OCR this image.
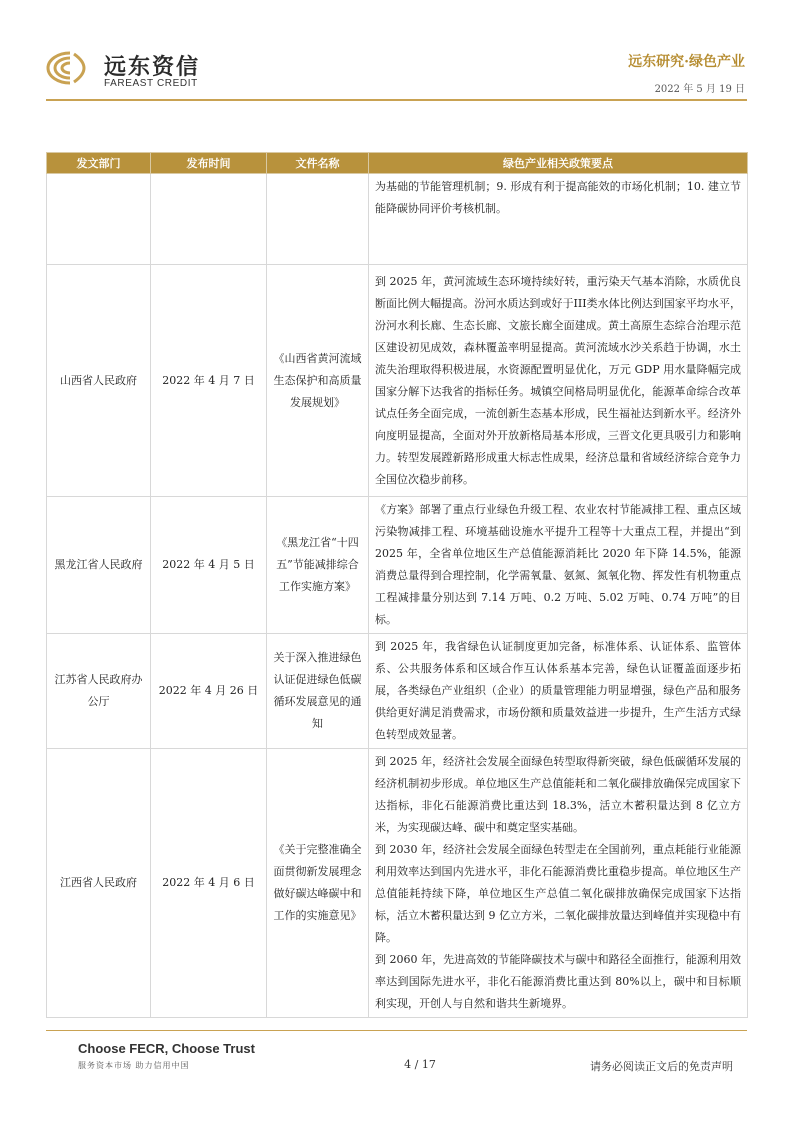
远东资信
FAREAST CREDIT
远东研究·绿色产业
2022 年 5 月 19 日
发文部门	发布时间	文件名称	绿色产业相关政策要点

			为基础的节能管理机制；9. 形成有利于提高能效的市场化机制；10. 建立节能降碳协同评价考核机制。

山西省人民政府	2022 年 4 月 7 日	《山西省黄河流域生态保护和高质量发展规划》	到 2025 年，黄河流域生态环境持续好转，重污染天气基本消除，水质优良断面比例大幅提高。汾河水质达到或好于III类水体比例达到国家平均水平，汾河水利长廊、生态长廊、文旅长廊全面建成。黄土高原生态综合治理示范区建设初见成效，森林覆盖率明显提高。黄河流域水沙关系趋于协调，水土流失治理取得积极进展，水资源配置明显优化，万元 GDP 用水量降幅完成国家分解下达我省的指标任务。城镇空间格局明显优化，能源革命综合改革试点任务全面完成，一流创新生态基本形成，民生福祉达到新水平。经济外向度明显提高，全面对外开放新格局基本形成，三晋文化更具吸引力和影响力。转型发展蹚新路形成重大标志性成果，经济总量和省域经济综合竞争力全国位次稳步前移。

黑龙江省人民政府	2022 年 4 月 5 日	《黑龙江省“十四五”节能减排综合工作实施方案》	《方案》部署了重点行业绿色升级工程、农业农村节能减排工程、重点区域污染物减排工程、环境基础设施水平提升工程等十大重点工程，并提出“到 2025 年，全省单位地区生产总值能源消耗比 2020 年下降 14.5%，能源消费总量得到合理控制，化学需氧量、氨氮、氮氧化物、挥发性有机物重点工程减排量分别达到 7.14 万吨、0.2 万吨、5.02 万吨、0.74 万吨”的目标。

江苏省人民政府办公厅	2022 年 4 月 26 日	关于深入推进绿色认证促进绿色低碳循环发展意见的通知	到 2025 年，我省绿色认证制度更加完备，标准体系、认证体系、监管体系、公共服务体系和区域合作互认体系基本完善，绿色认证覆盖面逐步拓展，各类绿色产业组织（企业）的质量管理能力明显增强，绿色产品和服务供给更好满足消费需求，市场份额和质量效益进一步提升，生产生活方式绿色转型成效显著。

江西省人民政府	2022 年 4 月 6 日	《关于完整准确全面贯彻新发展理念做好碳达峰碳中和工作的实施意见》	到 2025 年，经济社会发展全面绿色转型取得新突破，绿色低碳循环发展的经济机制初步形成。单位地区生产总值能耗和二氧化碳排放确保完成国家下达指标，非化石能源消费比重达到 18.3%，活立木蓄积量达到 8 亿立方米，为实现碳达峰、碳中和奠定坚实基础。
到 2030 年，经济社会发展全面绿色转型走在全国前列，重点耗能行业能源利用效率达到国内先进水平，非化石能源消费比重稳步提高。单位地区生产总值能耗持续下降，单位地区生产总值二氧化碳排放确保完成国家下达指标，活立木蓄积量达到 9 亿立方米，二氧化碳排放量达到峰值并实现稳中有降。
到 2060 年，先进高效的节能降碳技术与碳中和路径全面推行，能源利用效率达到国际先进水平，非化石能源消费比重达到 80%以上，碳中和目标顺利实现，开创人与自然和谐共生新境界。
Choose FECR, Choose Trust
服务资本市场 助力信用中国	4 / 17	请务必阅读正文后的免责声明
